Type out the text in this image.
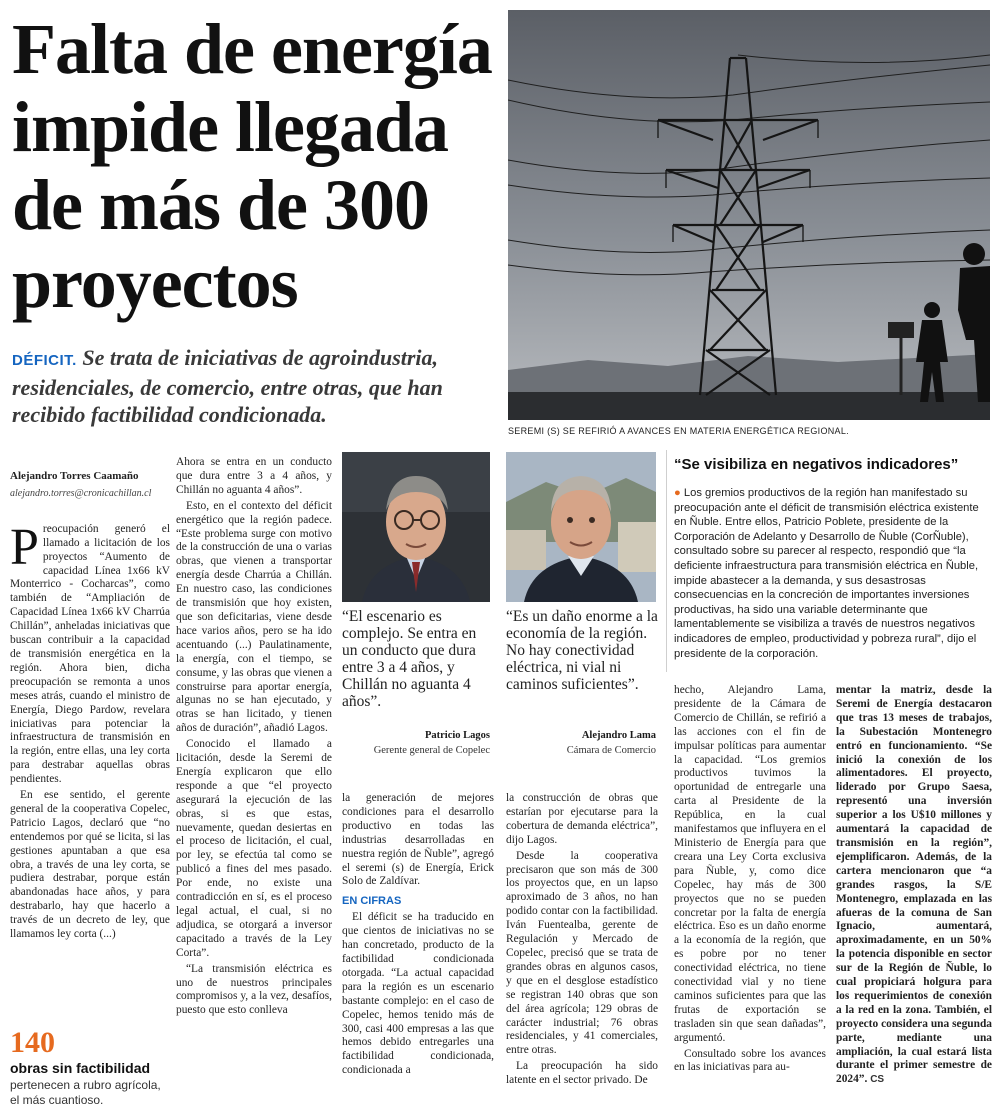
Falta de energía impide llegada de más de 300 proyectos
DÉFICIT. Se trata de iniciativas de agroindustria, residenciales, de comercio, entre otras, que han recibido factibilidad condicionada.
SEREMI (S) SE REFIRIÓ A AVANCES EN MATERIA ENERGÉTICA REGIONAL.
Alejandro Torres Caamaño
alejandro.torres@cronicachillan.cl

Preocupación generó el llamado a licitación de los proyectos “Aumento de capacidad Línea 1x66 kV Monterrico - Cocharcas”, como también de “Ampliación de Capacidad Línea 1x66 kV Charrúa Chillán”, anheladas iniciativas que buscan contribuir a la capacidad de transmisión energética en la región. Ahora bien, dicha preocupación se remonta a unos meses atrás, cuando el ministro de Energía, Diego Pardow, revelara iniciativas para potenciar la infraestructura de transmisión en la región, entre ellas, una ley corta para destrabar aquellas obras pendientes.

En ese sentido, el gerente general de la cooperativa Copelec, Patricio Lagos, declaró que “no entendemos por qué se licita, si las gestiones apuntaban a que esa obra, a través de una ley corta, se pudiera destrabar, porque están abandonadas hace años, y para destrabarlo, hay que hacerlo a través de un decreto de ley, que llamamos ley corta (...)

140
obras sin factibilidad
pertenecen a rubro agrícola, el más cuantioso.

Ahora se entra en un conducto que dura entre 3 a 4 años, y Chillán no aguanta 4 años”.

Esto, en el contexto del déficit energético que la región padece. “Este problema surge con motivo de la construcción de una o varias obras, que vienen a transportar energía desde Charrúa a Chillán. En nuestro caso, las condiciones de transmisión que hoy existen, que son deficitarias, viene desde hace varios años, pero se ha ido acentuando (...) Paulatinamente, la energía, con el tiempo, se consume, y las obras que vienen a construirse para aportar energía, algunas no se han ejecutado, y otras se han licitado, y tienen años de duración”, añadió Lagos.

Conocido el llamado a licitación, desde la Seremi de Energía explicaron que ello responde a que “el proyecto asegurará la ejecución de las obras, si es que estas, nuevamente, quedan desiertas en el proceso de licitación, el cual, por ley, se efectúa tal como se publicó a fines del mes pasado. Por ende, no existe una contradicción en sí, es el proceso legal actual, el cual, si no adjudica, se otorgará a inversor capacitado a través de la Ley Corta”.

“La transmisión eléctrica es uno de nuestros principales compromisos y, a la vez, desafíos, puesto que esto conlleva

“El escenario es complejo. Se entra en un conducto que dura entre 3 a 4 años, y Chillán no aguanta 4 años”.
Patricio Lagos
Gerente general de Copelec
“Es un daño enorme a la economía de la región. No hay conectividad eléctrica, ni vial ni caminos suficientes”.
Alejandro Lama
Cámara de Comercio

la generación de mejores condiciones para el desarrollo productivo en todas las industrias desarrolladas en nuestra región de Ñuble”, agregó el seremi (s) de Energía, Erick Solo de Zaldívar.

EN CIFRAS

El déficit se ha traducido en que cientos de iniciativas no se han concretado, producto de la factibilidad condicionada otorgada. “La actual capacidad para la región es un escenario bastante complejo: en el caso de Copelec, hemos tenido más de 300, casi 400 empresas a las que hemos debido entregarles una factibilidad condicionada, condicionada a

la construcción de obras que estarían por ejecutarse para la cobertura de demanda eléctrica”, dijo Lagos.

Desde la cooperativa precisaron que son más de 300 los proyectos que, en un lapso aproximado de 3 años, no han podido contar con la factibilidad. Iván Fuentealba, gerente de Regulación y Mercado de Copelec, precisó que se trata de grandes obras en algunos casos, y que en el desglose estadístico se registran 140 obras que son del área agrícola; 129 obras de carácter industrial; 76 obras residenciales, y 41 comerciales, entre otras.

La preocupación ha sido latente en el sector privado. De

“Se visibiliza en negativos indicadores”
● Los gremios productivos de la región han manifestado su preocupación ante el déficit de transmisión eléctrica existente en Ñuble. Entre ellos, Patricio Poblete, presidente de la Corporación de Adelanto y Desarrollo de Ñuble (CorÑuble), consultado sobre su parecer al respecto, respondió que “la deficiente infraestructura para transmisión eléctrica en Ñuble, impide abastecer a la demanda, y sus desastrosas consecuencias en la concreción de importantes inversiones productivas, ha sido una variable determinante que lamentablemente se visibiliza a través de nuestros negativos indicadores de empleo, productividad y pobreza rural”, dijo el presidente de la corporación.

hecho, Alejandro Lama, presidente de la Cámara de Comercio de Chillán, se refirió a las acciones con el fin de impulsar políticas para aumentar la capacidad. “Los gremios productivos tuvimos la oportunidad de entregarle una carta al Presidente de la República, en la cual manifestamos que influyera en el Ministerio de Energía para que creara una Ley Corta exclusiva para Ñuble, y, como dice Copelec, hay más de 300 proyectos que no se pueden concretar por la falta de energía eléctrica. Eso es un daño enorme a la economía de la región, que es pobre por no tener conectividad eléctrica, no tiene conectividad vial y no tiene caminos suficientes para que las frutas de exportación se trasladen sin que sean dañadas”, argumentó.

Consultado sobre los avances en las iniciativas para au-

mentar la matriz, desde la Seremi de Energía destacaron que tras 13 meses de trabajos, la Subestación Montenegro entró en funcionamiento. “Se inició la conexión de los alimentadores. El proyecto, liderado por Grupo Saesa, representó una inversión superior a los U$10 millones y aumentará la capacidad de transmisión en la región”, ejemplificaron. Además, de la cartera mencionaron que “a grandes rasgos, la S/E Montenegro, emplazada en las afueras de la comuna de San Ignacio, aumentará, aproximadamente, en un 50% la potencia disponible en sector sur de la Región de Ñuble, lo cual propiciará holgura para los requerimientos de conexión a la red en la zona. También, el proyecto considera una segunda parte, mediante una ampliación, la cual estará lista durante el primer semestre de 2024”. CS
